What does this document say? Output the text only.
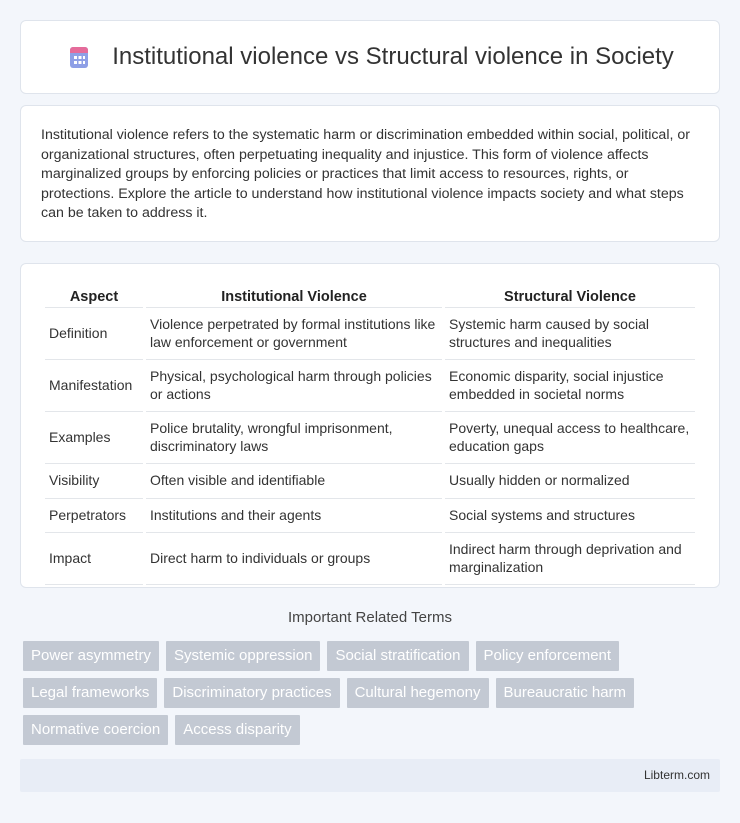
Institutional violence vs Structural violence in Society

Institutional violence refers to the systematic harm or discrimination embedded within social, political, or organizational structures, often perpetuating inequality and injustice. This form of violence affects marginalized groups by enforcing policies or practices that limit access to resources, rights, or protections. Explore the article to understand how institutional violence impacts society and what steps can be taken to address it.

Aspect	Institutional Violence	Structural Violence
Definition	Violence perpetrated by formal institutions like law enforcement or government	Systemic harm caused by social structures and inequalities
Manifestation	Physical, psychological harm through policies or actions	Economic disparity, social injustice embedded in societal norms
Examples	Police brutality, wrongful imprisonment, discriminatory laws	Poverty, unequal access to healthcare, education gaps
Visibility	Often visible and identifiable	Usually hidden or normalized
Perpetrators	Institutions and their agents	Social systems and structures
Impact	Direct harm to individuals or groups	Indirect harm through deprivation and marginalization
Important Related Terms
Power asymmetry	Systemic oppression	Social stratification	Policy enforcement
Legal frameworks	Discriminatory practices	Cultural hegemony	Bureaucratic harm
Normative coercion	Access disparity
Libterm.com
